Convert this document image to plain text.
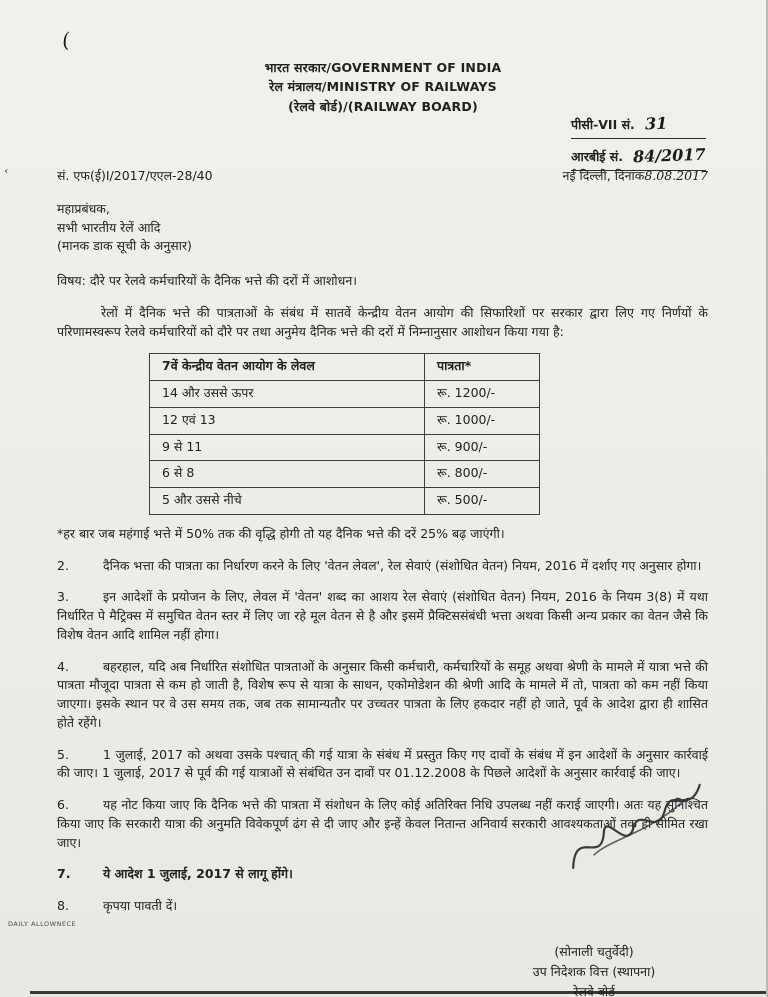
(
‹
भारत सरकार/GOVERNMENT OF INDIA
रेल मंत्रालय/MINISTRY OF RAILWAYS
(रेलवे बोर्ड)/(RAILWAY BOARD)
पीसी-VII सं. 31
आरबीई सं. 84/2017
सं. एफ(ई)I/2017/एएल-28/40	नई दिल्ली, दिनांक8.08.2017
महाप्रबंधक,
सभी भारतीय रेलें आदि
(मानक डाक सूची के अनुसार)
विषय: दौरे पर रेलवे कर्मचारियों के दैनिक भत्ते की दरों में आशोधन।
रेलों में दैनिक भत्ते की पात्रताओं के संबंध में सातवें केन्द्रीय वेतन आयोग की सिफारिशों पर सरकार द्वारा लिए गए निर्णयों के परिणामस्वरूप रेलवे कर्मचारियों को दौरे पर तथा अनुमेय दैनिक भत्ते की दरों में निम्नानुसार आशोधन किया गया है:
7वें केन्द्रीय वेतन आयोग के लेवल	पात्रता*
14 और उससे ऊपर	रू. 1200/-
12 एवं 13	रू. 1000/-
9 से 11	रू. 900/-
6 से 8	रू. 800/-
5 और उससे नीचे	रू. 500/-
*हर बार जब महंगाई भत्ते में 50% तक की वृद्धि होगी तो यह दैनिक भत्ते की दरें 25% बढ़ जाएंगी।
2.	दैनिक भत्ता की पात्रता का निर्धारण करने के लिए 'वेतन लेवल', रेल सेवाएं (संशोधित वेतन) नियम, 2016 में दर्शाए गए अनुसार होगा।
3.	इन आदेशों के प्रयोजन के लिए, लेवल में 'वेतन' शब्द का आशय रेल सेवाएं (संशोधित वेतन) नियम, 2016 के नियम 3(8) में यथा निर्धारित पे मैट्रिक्स में समुचित वेतन स्तर में लिए जा रहे मूल वेतन से है और इसमें प्रैक्टिससंबंधी भत्ता अथवा किसी अन्य प्रकार का वेतन जैसे कि विशेष वेतन आदि शामिल नहीं होगा।
4.	बहरहाल, यदि अब निर्धारित संशोधित पात्रताओं के अनुसार किसी कर्मचारी, कर्मचारियों के समूह अथवा श्रेणी के मामले में यात्रा भत्ते की पात्रता मौजूदा पात्रता से कम हो जाती है, विशेष रूप से यात्रा के साधन, एकोमोडेशन की श्रेणी आदि के मामले में तो, पात्रता को कम नहीं किया जाएगा। इसके स्थान पर वे उस समय तक, जब तक सामान्यतौर पर उच्चतर पात्रता के लिए हकदार नहीं हो जाते, पूर्व के आदेश द्वारा ही शासित होते रहेंगे।
5.	1 जुलाई, 2017 को अथवा उसके पश्चात् की गई यात्रा के संबंध में प्रस्तुत किए गए दावों के संबंध में इन आदेशों के अनुसार कार्रवाई की जाए। 1 जुलाई, 2017 से पूर्व की गई यात्राओं से संबंधित उन दावों पर 01.12.2008 के पिछले आदेशों के अनुसार कार्रवाई की जाए।
6.	यह नोट किया जाए कि दैनिक भत्ते की पात्रता में संशोधन के लिए कोई अतिरिक्त निधि उपलब्ध नहीं कराई जाएगी। अतः यह सुनिश्चित किया जाए कि सरकारी यात्रा की अनुमति विवेकपूर्ण ढंग से दी जाए और इन्हें केवल नितान्त अनिवार्य सरकारी आवश्यकताओं तक ही सीमित रखा जाए।
7.	ये आदेश 1 जुलाई, 2017 से लागू होंगे।
8.	कृपया पावती दें।
(सोनाली चतुर्वेदी)
उप निदेशक वित्त (स्थापना)
DAILY ALLOWNECE
